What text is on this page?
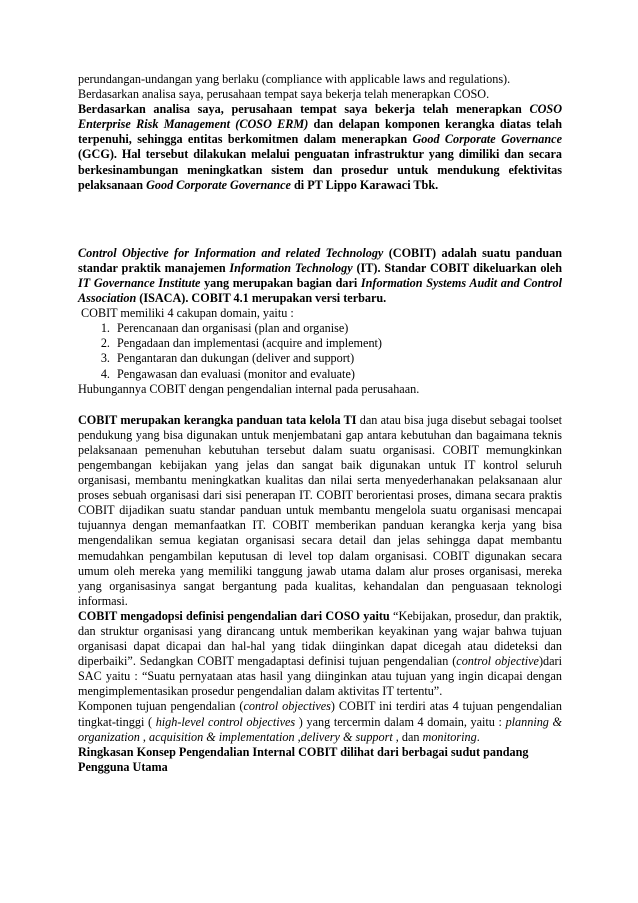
perundangan-undangan yang berlaku (compliance with applicable laws and regulations).

Berdasarkan analisa saya, perusahaan tempat saya bekerja telah menerapkan COSO.

Berdasarkan analisa saya, perusahaan tempat saya bekerja telah menerapkan COSO Enterprise Risk Management (COSO ERM) dan delapan komponen kerangka diatas telah terpenuhi, sehingga entitas berkomitmen dalam menerapkan Good Corporate Governance (GCG). Hal tersebut dilakukan melalui penguatan infrastruktur yang dimiliki dan secara berkesinambungan meningkatkan sistem dan prosedur untuk mendukung efektivitas pelaksanaan Good Corporate Governance di PT Lippo Karawaci Tbk.

Control Objective for Information and related Technology (COBIT) adalah suatu panduan standar praktik manajemen Information Technology (IT). Standar COBIT dikeluarkan oleh IT Governance Institute yang merupakan bagian dari Information Systems Audit and Control Association (ISACA). COBIT 4.1 merupakan versi terbaru.

COBIT memiliki 4 cakupan domain, yaitu :

1. Perencanaan dan organisasi (plan and organise)
2. Pengadaan dan implementasi (acquire and implement)
3. Pengantaran dan dukungan (deliver and support)
4. Pengawasan dan evaluasi (monitor and evaluate)

Hubungannya COBIT dengan pengendalian internal pada perusahaan.

COBIT merupakan kerangka panduan tata kelola TI dan atau bisa juga disebut sebagai toolset pendukung yang bisa digunakan untuk menjembatani gap antara kebutuhan dan bagaimana teknis pelaksanaan pemenuhan kebutuhan tersebut dalam suatu organisasi. COBIT memungkinkan pengembangan kebijakan yang jelas dan sangat baik digunakan untuk IT kontrol seluruh organisasi, membantu meningkatkan kualitas dan nilai serta menyederhanakan pelaksanaan alur proses sebuah organisasi dari sisi penerapan IT. COBIT berorientasi proses, dimana secara praktis COBIT dijadikan suatu standar panduan untuk membantu mengelola suatu organisasi mencapai tujuannya dengan memanfaatkan IT. COBIT memberikan panduan kerangka kerja yang bisa mengendalikan semua kegiatan organisasi secara detail dan jelas sehingga dapat membantu memudahkan pengambilan keputusan di level top dalam organisasi. COBIT digunakan secara umum oleh mereka yang memiliki tanggung jawab utama dalam alur proses organisasi, mereka yang organisasinya sangat bergantung pada kualitas, kehandalan dan penguasaan teknologi informasi.

COBIT mengadopsi definisi pengendalian dari COSO yaitu “Kebijakan, prosedur, dan praktik, dan struktur organisasi yang dirancang untuk memberikan keyakinan yang wajar bahwa tujuan organisasi dapat dicapai dan hal-hal yang tidak diinginkan dapat dicegah atau dideteksi dan diperbaiki”. Sedangkan COBIT mengadaptasi definisi tujuan pengendalian (control objective)dari SAC yaitu : “Suatu pernyataan atas hasil yang diinginkan atau tujuan yang ingin dicapai dengan mengimplementasikan prosedur pengendalian dalam aktivitas IT tertentu”.

Komponen tujuan pengendalian (control objectives) COBIT ini terdiri atas 4 tujuan pengendalian tingkat-tinggi ( high-level control objectives ) yang tercermin dalam 4 domain, yaitu : planning & organization , acquisition & implementation ,delivery & support , dan monitoring.

Ringkasan Konsep Pengendalian Internal COBIT dilihat dari berbagai sudut pandang
Pengguna Utama
